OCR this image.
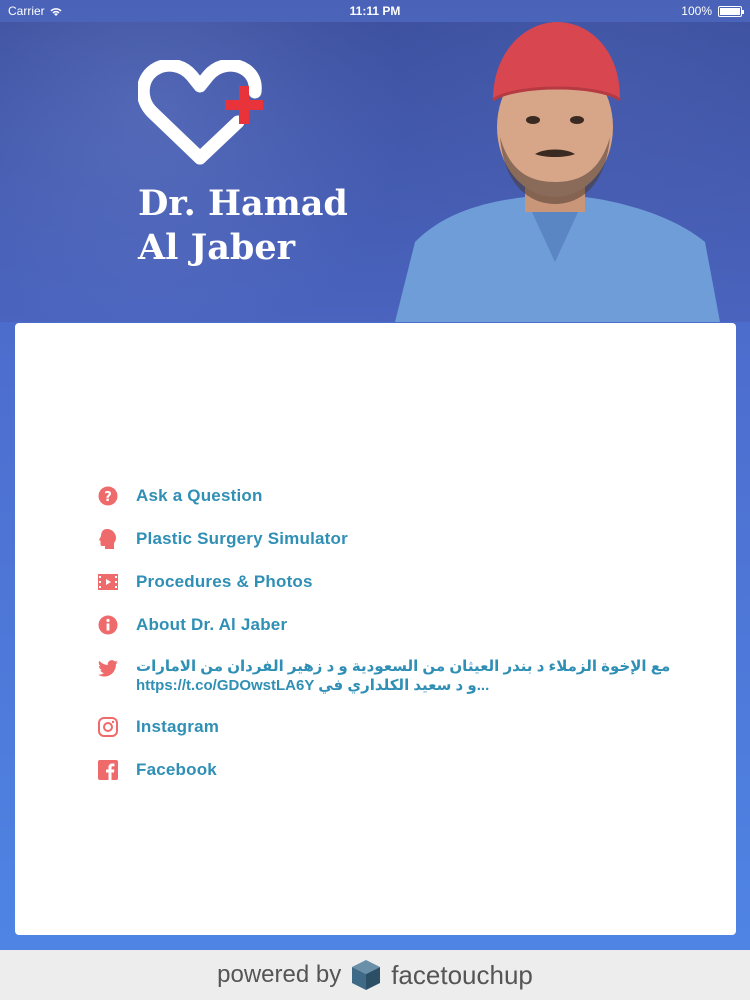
Carrier	11:11 PM	100%
Dr. Hamad
Al Jaber
? Ask a Question
Plastic Surgery Simulator
Procedures & Photos
About Dr. Al Jaber
مع الإخوة الزملاء د بندر العيثان من السعودية و د زهير الفردان من الامارات
https://t.co/GDOwstLA6Y و د سعيد الكلداري في...
Instagram
Facebook
powered by facetouchup
